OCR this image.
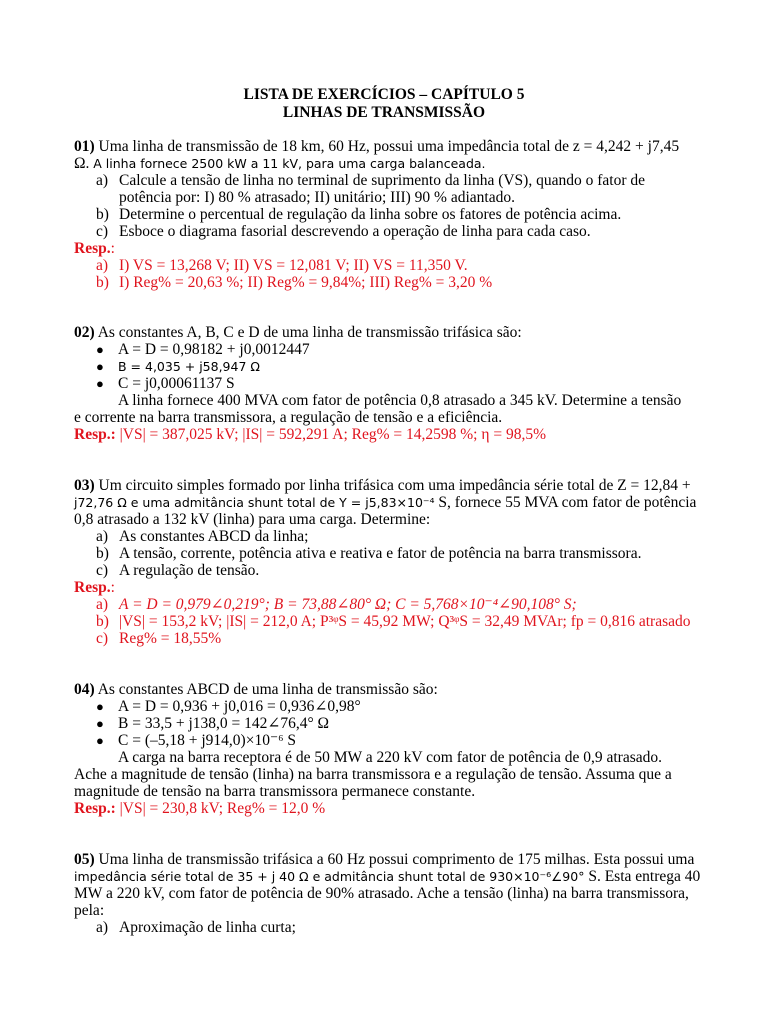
LISTA DE EXERCÍCIOS – CAPÍTULO 5
LINHAS DE TRANSMISSÃO
01) Uma linha de transmissão de 18 km, 60 Hz, possui uma impedância total de z = 4,242 + j7,45
Ω. A linha fornece 2500 kW a 11 kV, para uma carga balanceada.
a) Calcule a tensão de linha no terminal de suprimento da linha (VS), quando o fator de
potência por: I) 80 % atrasado; II) unitário; III) 90 % adiantado.
b) Determine o percentual de regulação da linha sobre os fatores de potência acima.
c) Esboce o diagrama fasorial descrevendo a operação de linha para cada caso.
Resp.:
a) I) VS = 13,268 V; II) VS = 12,081 V; II) VS = 11,350 V.
b) I) Reg% = 20,63 %; II) Reg% = 9,84%; III) Reg% = 3,20 %
02) As constantes A, B, C e D de uma linha de transmissão trifásica são:
● A = D = 0,98182 + j0,0012447
● B = 4,035 + j58,947 Ω
● C = j0,00061137 S
A linha fornece 400 MVA com fator de potência 0,8 atrasado a 345 kV. Determine a tensão
e corrente na barra transmissora, a regulação de tensão e a eficiência.
Resp.: |VS| = 387,025 kV; |IS| = 592,291 A; Reg% = 14,2598 %; η = 98,5%
03) Um circuito simples formado por linha trifásica com uma impedância série total de Z = 12,84 +
j72,76 Ω e uma admitância shunt total de Y = j5,83×10⁻⁴ S, fornece 55 MVA com fator de potência
0,8 atrasado a 132 kV (linha) para uma carga. Determine:
a) As constantes ABCD da linha;
b) A tensão, corrente, potência ativa e reativa e fator de potência na barra transmissora.
c) A regulação de tensão.
Resp.:
a) A = D = 0,979∠0,219°; B = 73,88∠80° Ω; C = 5,768×10⁻⁴∠90,108° S;
b) |VS| = 153,2 kV; |IS| = 212,0 A; P³ᵠS = 45,92 MW; Q³ᵠS = 32,49 MVAr; fp = 0,816 atrasado
c) Reg% = 18,55%
04) As constantes ABCD de uma linha de transmissão são:
● A = D = 0,936 + j0,016 = 0,936∠0,98°
● B = 33,5 + j138,0 = 142∠76,4° Ω
● C = (–5,18 + j914,0)×10⁻⁶ S
A carga na barra receptora é de 50 MW a 220 kV com fator de potência de 0,9 atrasado.
Ache a magnitude de tensão (linha) na barra transmissora e a regulação de tensão. Assuma que a
magnitude de tensão na barra transmissora permanece constante.
Resp.: |VS| = 230,8 kV; Reg% = 12,0 %
05) Uma linha de transmissão trifásica a 60 Hz possui comprimento de 175 milhas. Esta possui uma
impedância série total de 35 + j 40 Ω e admitância shunt total de 930×10⁻⁶∠90° S. Esta entrega 40
MW a 220 kV, com fator de potência de 90% atrasado. Ache a tensão (linha) na barra transmissora,
pela:
a) Aproximação de linha curta;
